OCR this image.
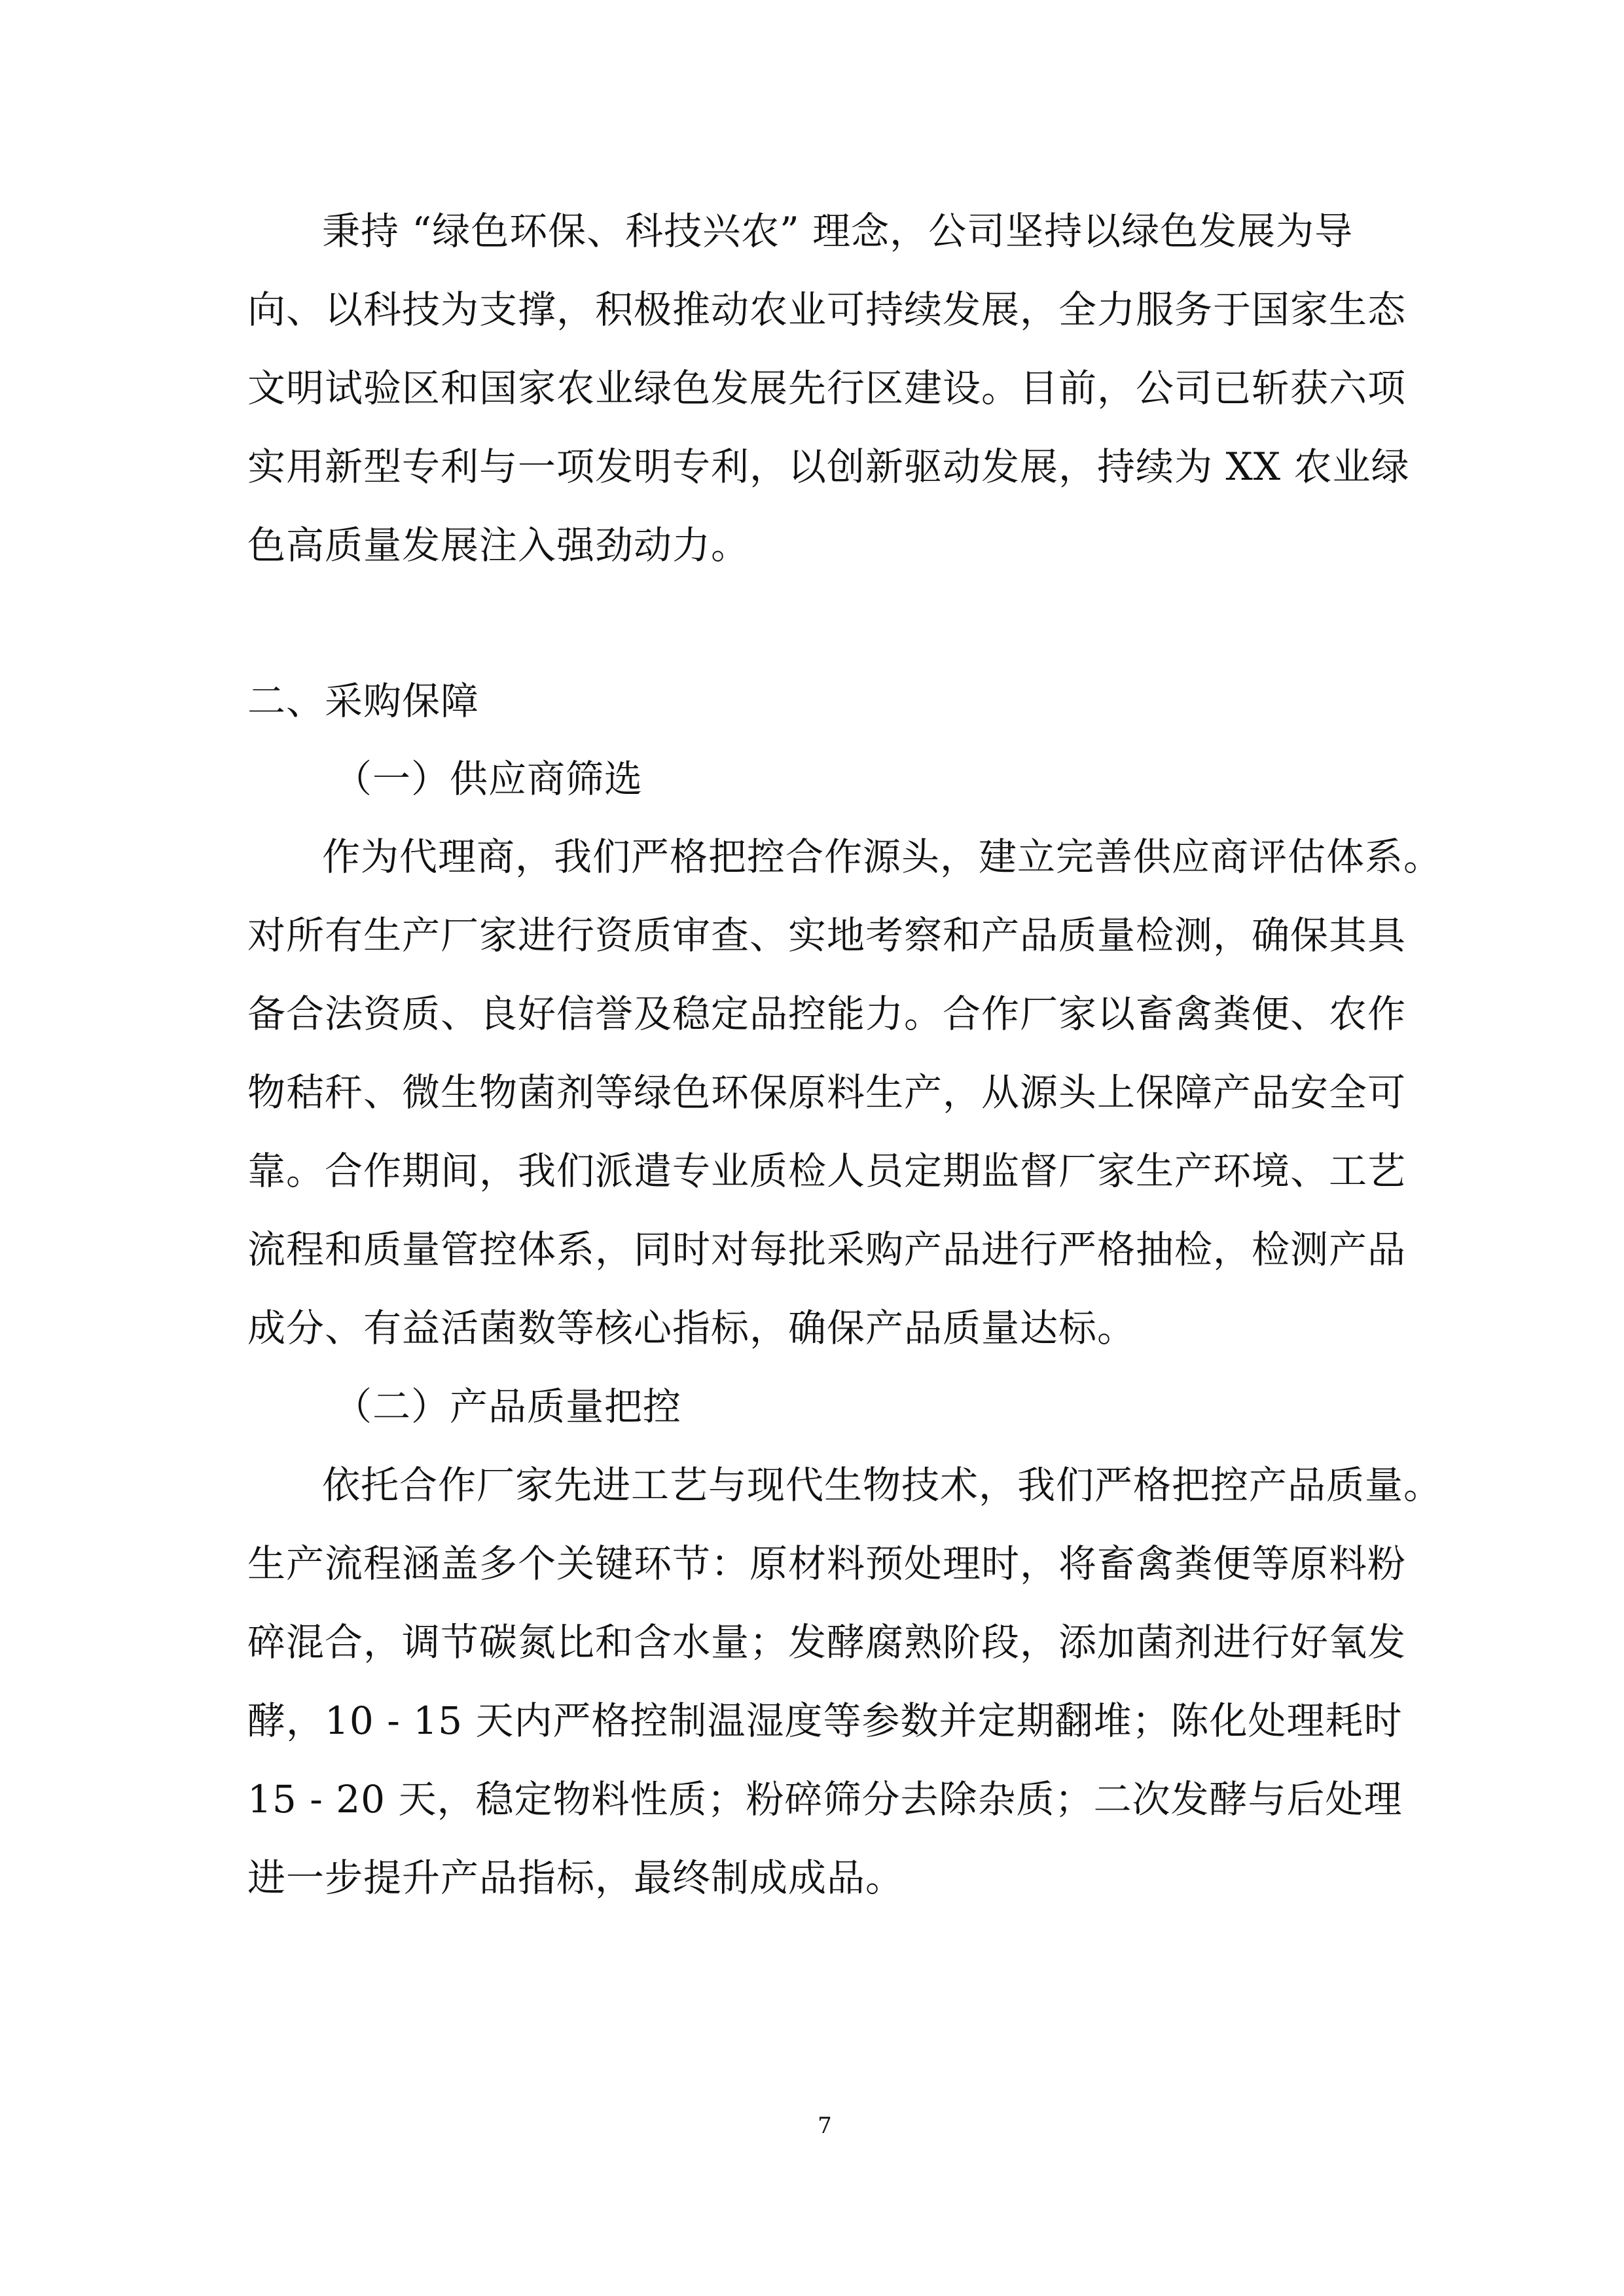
秉持 “绿色环保、科技兴农” 理念，公司坚持以绿色发展为导
向、以科技为支撑，积极推动农业可持续发展，全力服务于国家生态
文明试验区和国家农业绿色发展先行区建设。目前，公司已斩获六项
实用新型专利与一项发明专利，以创新驱动发展，持续为 XX 农业绿
色高质量发展注入强劲动力。
二、采购保障
（一）供应商筛选
作为代理商，我们严格把控合作源头，建立完善供应商评估体系。
对所有生产厂家进行资质审查、实地考察和产品质量检测，确保其具
备合法资质、良好信誉及稳定品控能力。合作厂家以畜禽粪便、农作
物秸秆、微生物菌剂等绿色环保原料生产，从源头上保障产品安全可
靠。合作期间，我们派遣专业质检人员定期监督厂家生产环境、工艺
流程和质量管控体系，同时对每批采购产品进行严格抽检，检测产品
成分、有益活菌数等核心指标，确保产品质量达标。
（二）产品质量把控
依托合作厂家先进工艺与现代生物技术，我们严格把控产品质量。
生产流程涵盖多个关键环节：原材料预处理时，将畜禽粪便等原料粉
碎混合，调节碳氮比和含水量；发酵腐熟阶段，添加菌剂进行好氧发
酵，10 - 15 天内严格控制温湿度等参数并定期翻堆；陈化处理耗时
15 - 20 天，稳定物料性质；粉碎筛分去除杂质；二次发酵与后处理
进一步提升产品指标，最终制成成品。
7
